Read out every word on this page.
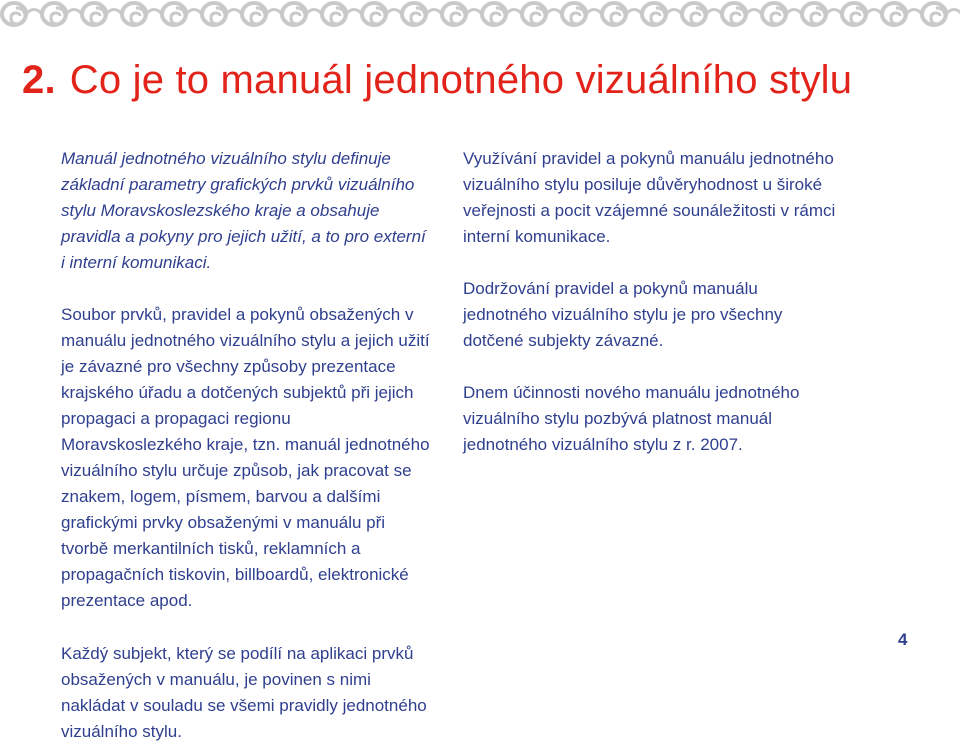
2. Co je to manuál jednotného vizuálního stylu

Manuál jednotného vizuálního stylu definuje základní parametry grafických prvků vizuálního stylu Moravskoslezského kraje a obsahuje pravidla a pokyny pro jejich užití, a to pro externí i interní komunikaci.

Soubor prvků, pravidel a pokynů obsažených v manuálu jednotného vizuálního stylu a jejich užití je závazné pro všechny způsoby prezentace krajského úřadu a dotčených subjektů při jejich propagaci a propagaci regionu Moravskoslezkého kraje, tzn. manuál jednotného vizuálního stylu určuje způsob, jak pracovat se znakem, logem, písmem, barvou a dalšími grafickými prvky obsaženými v manuálu při tvorbě merkantilních tisků, reklamních a propagačních tiskovin, billboardů, elektronické prezentace apod.

Využívání pravidel a pokynů manuálu jednotného vizuálního stylu posiluje důvěryhodnost u široké veřejnosti a pocit vzájemné sounáležitosti v rámci interní komunikace.

Dodržování pravidel a pokynů manuálu jednotného vizuálního stylu je pro všechny dotčené subjekty závazné.

Dnem účinnosti nového manuálu jednotného vizuálního stylu pozbývá platnost manuál jednotného vizuálního stylu z r. 2007.

Každý subjekt, který se podílí na aplikaci prvků obsažených v manuálu, je povinen s nimi nakládat v souladu se všemi pravidly jednotného vizuálního stylu.

4
